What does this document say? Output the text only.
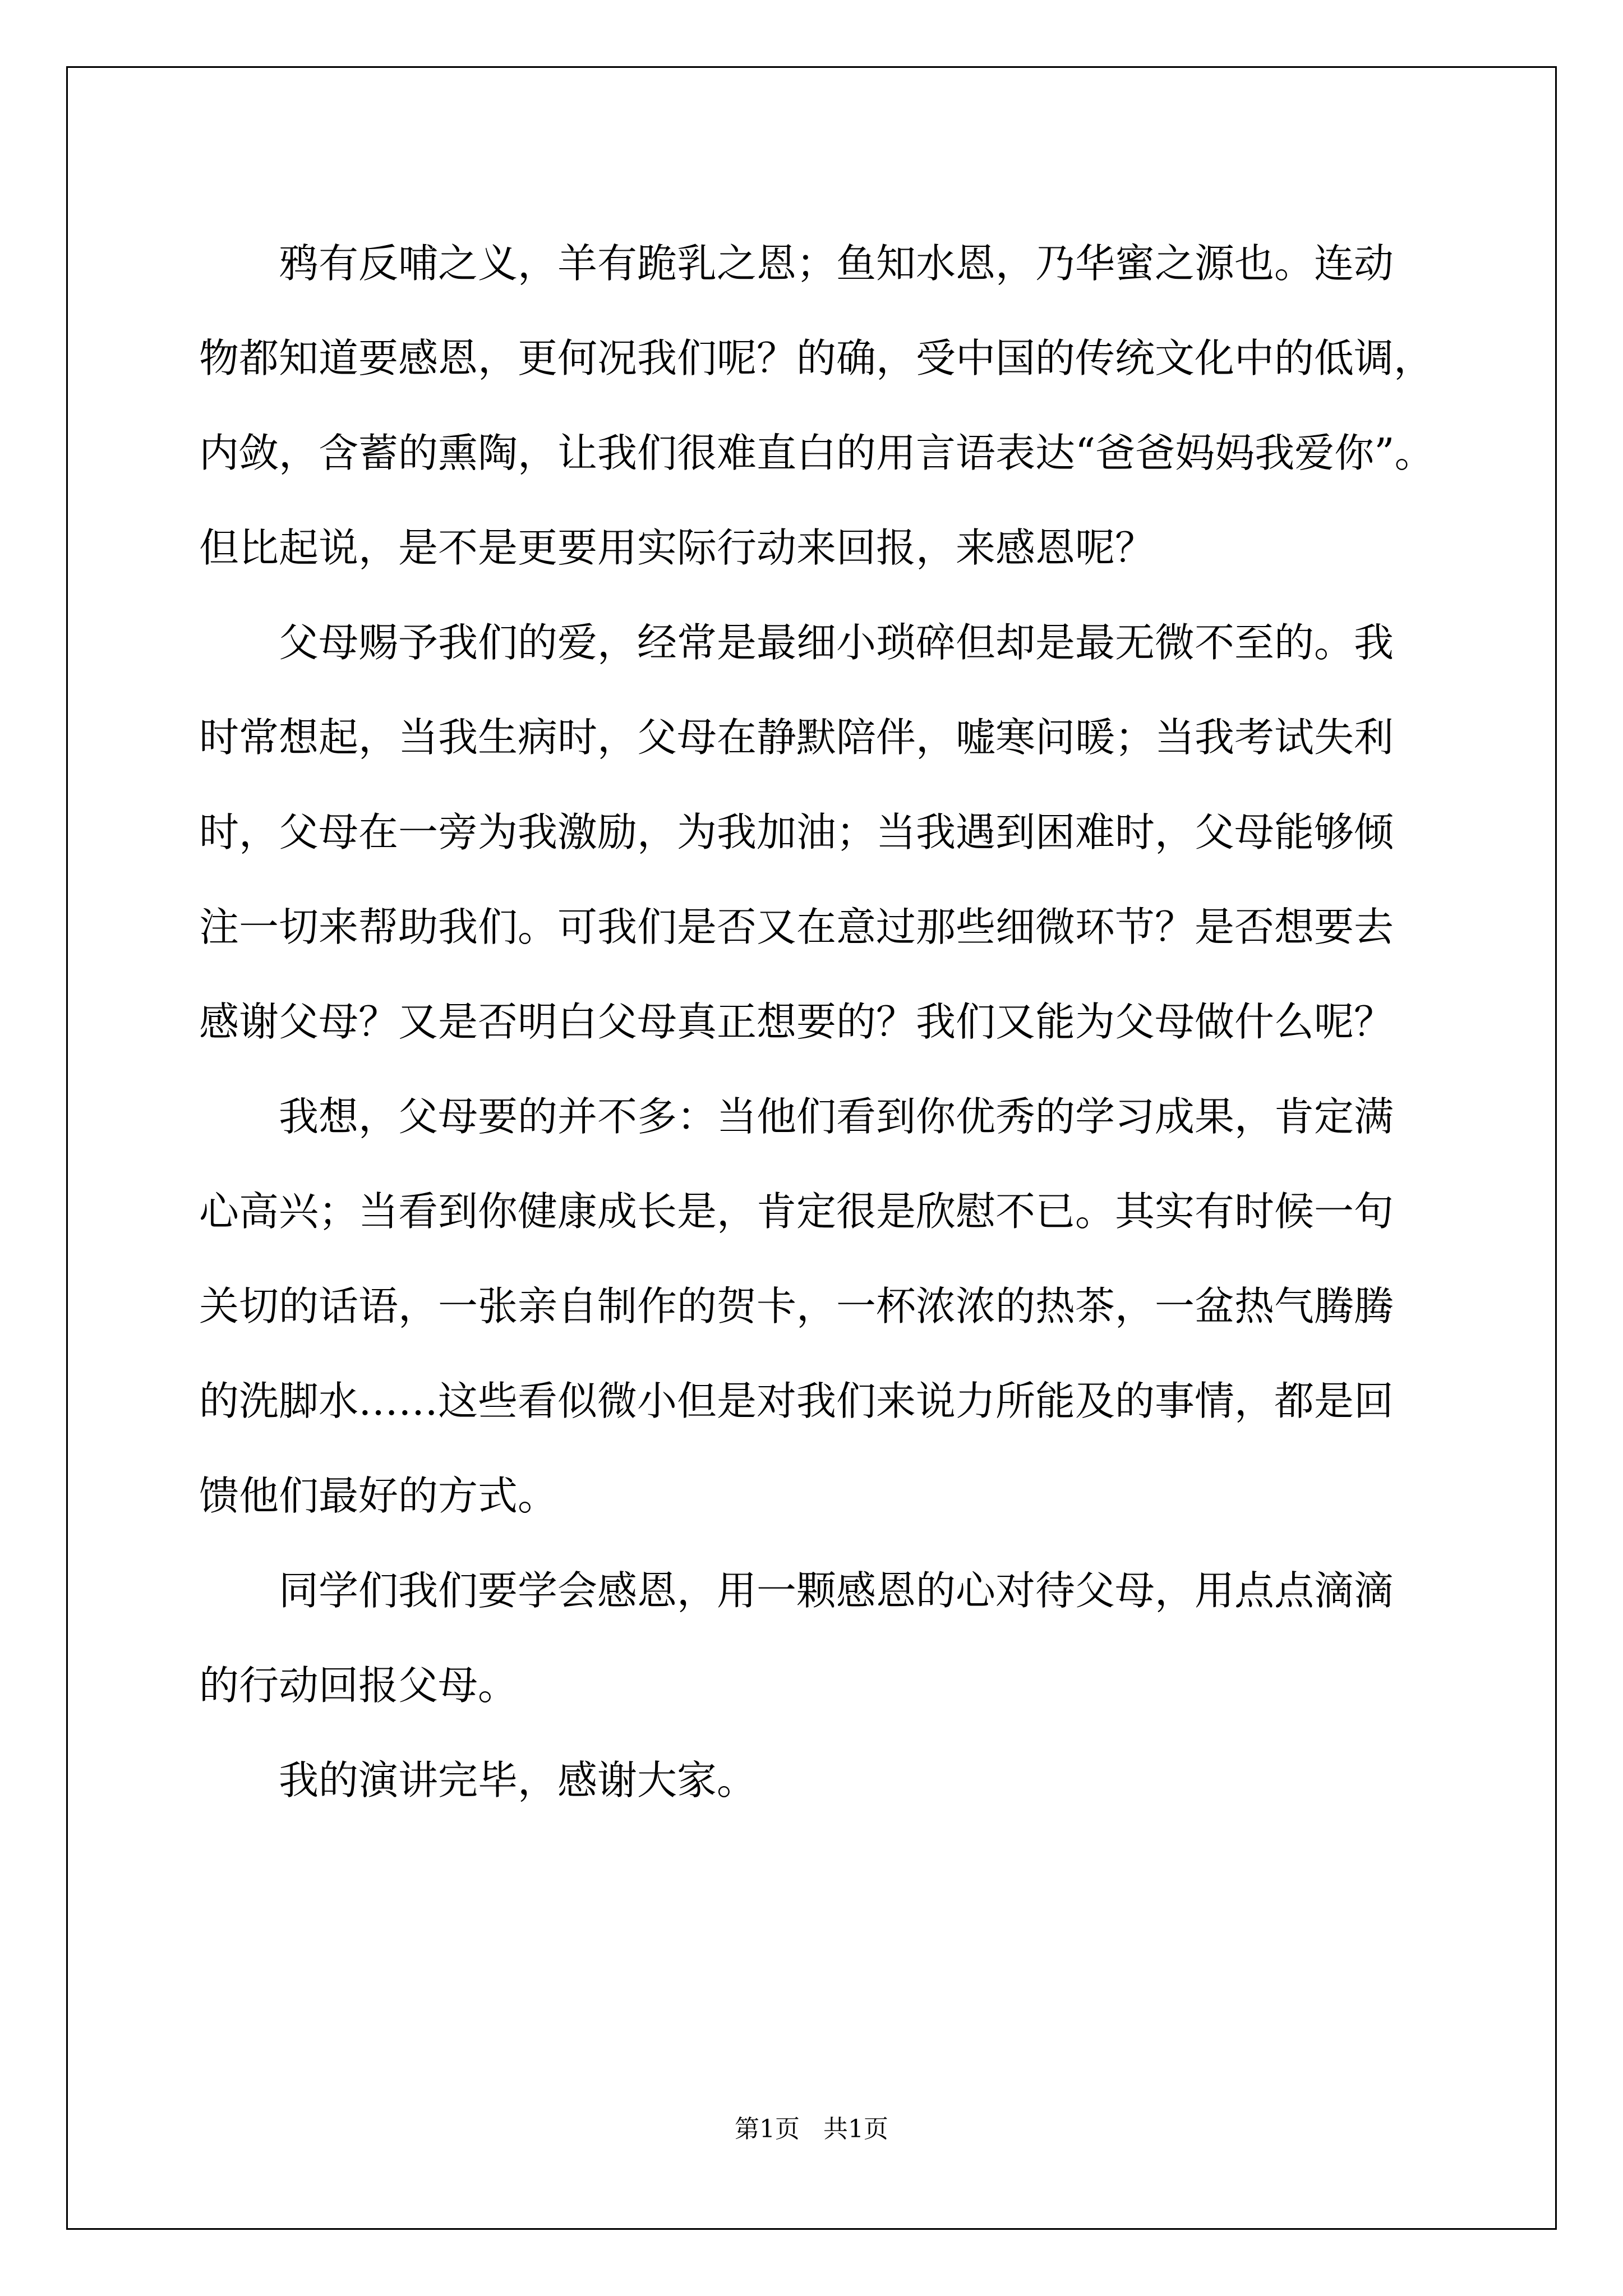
鸦有反哺之义，羊有跪乳之恩；鱼知水恩，乃华蜜之源也。连动
物都知道要感恩，更何况我们呢？的确，受中国的传统文化中的低调，
内敛，含蓄的熏陶，让我们很难直白的用言语表达“爸爸妈妈我爱你”。
但比起说，是不是更要用实际行动来回报，来感恩呢？

父母赐予我们的爱，经常是最细小琐碎但却是最无微不至的。我
时常想起，当我生病时，父母在静默陪伴，嘘寒问暖；当我考试失利
时，父母在一旁为我激励，为我加油；当我遇到困难时，父母能够倾
注一切来帮助我们。可我们是否又在意过那些细微环节？是否想要去
感谢父母？又是否明白父母真正想要的？我们又能为父母做什么呢？

我想，父母要的并不多：当他们看到你优秀的学习成果，肯定满
心高兴；当看到你健康成长是，肯定很是欣慰不已。其实有时候一句
关切的话语，一张亲自制作的贺卡，一杯浓浓的热茶，一盆热气腾腾
的洗脚水……这些看似微小但是对我们来说力所能及的事情，都是回
馈他们最好的方式。

同学们我们要学会感恩，用一颗感恩的心对待父母，用点点滴滴
的行动回报父母。

我的演讲完毕，感谢大家。

第1页 共1页
